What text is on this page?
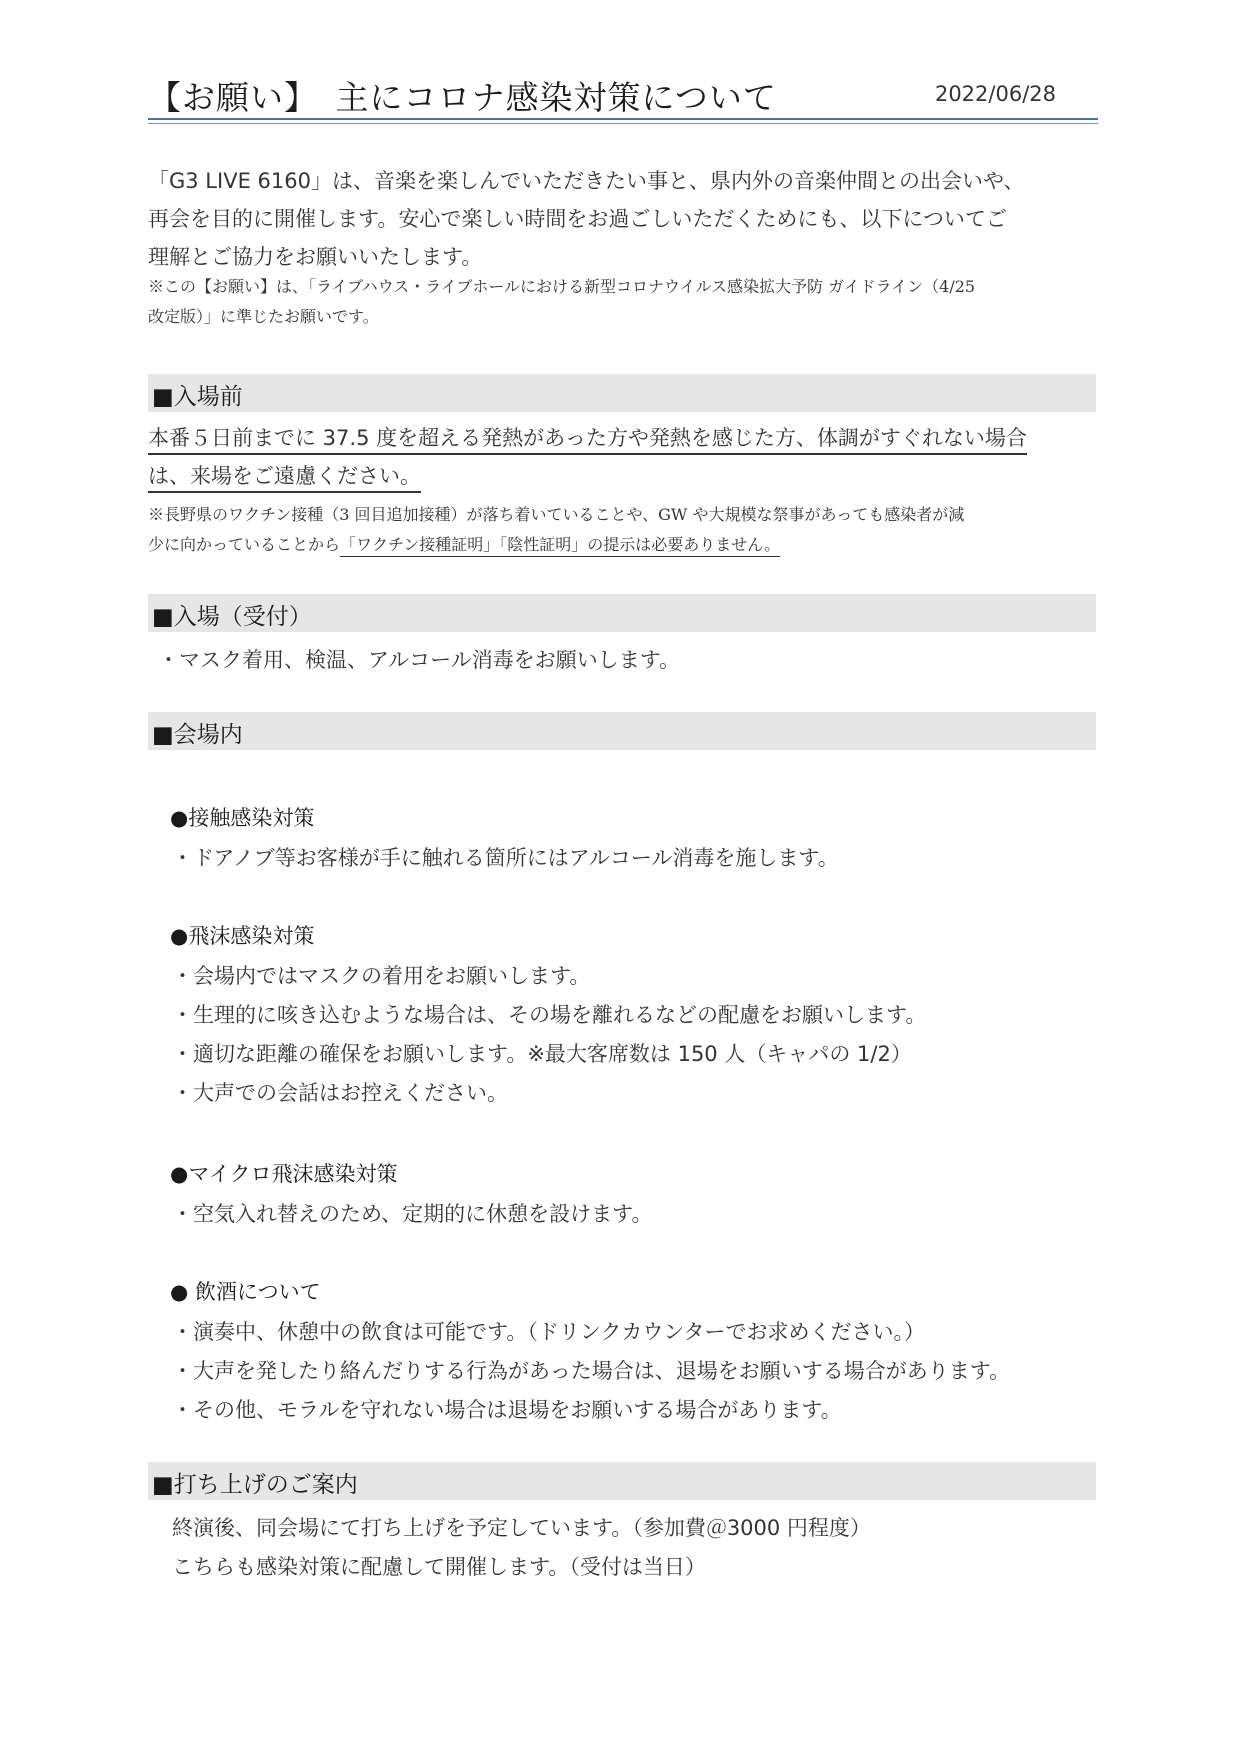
【お願い】　主にコロナ感染対策について	2022/06/28
「G3 LIVE 6160」は、音楽を楽しんでいただきたい事と、県内外の音楽仲間との出会いや、
再会を目的に開催します。安心で楽しい時間をお過ごしいただくためにも、以下についてご
理解とご協力をお願いいたします。
※この【お願い】は、「ライブハウス・ライブホールにおける新型コロナウイルス感染拡大予防 ガイドライン（4/25
改定版）」に準じたお願いです。
■入場前
本番５日前までに 37.5 度を超える発熱があった方や発熱を感じた方、体調がすぐれない場合
は、来場をご遠慮ください。
※長野県のワクチン接種（3 回目追加接種）が落ち着いていることや、GW や大規模な祭事があっても感染者が減
少に向かっていることから「ワクチン接種証明」「陰性証明」の提示は必要ありません。
■入場（受付）
・マスク着用、検温、アルコール消毒をお願いします。
■会場内
●接触感染対策
・ドアノブ等お客様が手に触れる箇所にはアルコール消毒を施します。
●飛沫感染対策
・会場内ではマスクの着用をお願いします。
・生理的に咳き込むような場合は、その場を離れるなどの配慮をお願いします。
・適切な距離の確保をお願いします。※最大客席数は 150 人（キャパの 1/2）
・大声での会話はお控えください。
●マイクロ飛沫感染対策
・空気入れ替えのため、定期的に休憩を設けます。
● 飲酒について
・演奏中、休憩中の飲食は可能です。（ドリンクカウンターでお求めください。）
・大声を発したり絡んだりする行為があった場合は、退場をお願いする場合があります。
・その他、モラルを守れない場合は退場をお願いする場合があります。
■打ち上げのご案内
終演後、同会場にて打ち上げを予定しています。（参加費＠3000 円程度）
こちらも感染対策に配慮して開催します。（受付は当日）
